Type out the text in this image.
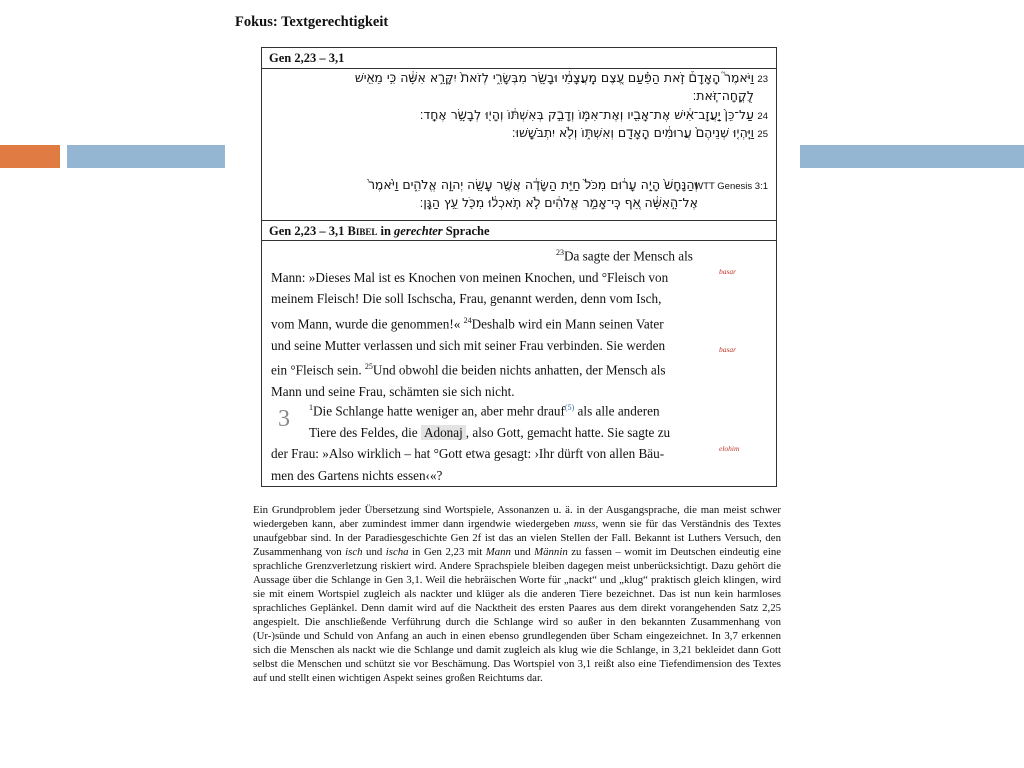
Fokus: Textgerechtigkeit
Gen 2,23 – 3,1
23
וַיֹּאמֶר֮ הָֽאָדָם֒ זֹ֣את הַפַּ֗עַם עֶ֚צֶם מֵֽעֲצָמַ֔י וּבָשָׂ֖ר מִבְּשָׂרִ֑י לְזֹאת֙ יִקָּרֵ֣א אִשָּׁ֔ה כִּ֥י מֵאִ֖ישׁ
לֻֽקֳחָה־זֹּֽאת׃
24
עַל־כֵּן֙ יַֽעֲזָב־אִ֔ישׁ אֶת־אָבִ֖יו וְאֶת־אִמּ֑וֹ וְדָבַ֣ק בְּאִשְׁתּ֔וֹ וְהָי֖וּ לְבָשָׂ֥ר אֶחָֽד׃
25
וַיִּֽהְי֤וּ שְׁנֵיהֶם֙ עֲרוּמִּ֔ים הָֽאָדָ֖ם וְאִשְׁתּ֑וֹ וְלֹ֖א יִתְבֹּשָֽׁשׁוּ׃
WTT Genesis 3:1
וְהַנָּחָשׁ֙ הָיָ֣ה עָר֔וּם מִכֹּל֙ חַיַּ֣ת הַשָּׂדֶ֔ה אֲשֶׁ֥ר עָשָׂ֖ה יְהוָ֣ה אֱלֹהִ֑ים וַיֹּ֙אמֶר֙
אֶל־הָ֣אִשָּׁ֔ה אַ֚ף כִּֽי־אָמַ֣ר אֱלֹהִ֔ים לֹ֣א תֹֽאכְל֔וּ מִכֹּ֖ל עֵ֥ץ הַגָּֽן׃
Gen 2,23 – 3,1 Bibel in gerechter Sprache
$^{23}$Da sagte der Mensch als
Mann: »Dieses Mal ist es Knochen von meinen Knochen, und °Fleisch von
meinem Fleisch! Die soll Ischscha, Frau, genannt werden, denn vom Isch,
vom Mann, wurde die genommen!« $^{24}$Deshalb wird ein Mann seinen Vater
und seine Mutter verlassen und sich mit seiner Frau verbinden. Sie werden
ein °Fleisch sein. $^{25}$Und obwohl die beiden nichts anhatten, der Mensch als
Mann und seine Frau, schämten sie sich nicht.
basar
basar
elohim
3	$^1$Die Schlange hatte weniger an, aber mehr drauf$^{(5)}$ als alle anderen
Tiere des Feldes, die Adonaj , also Gott, gemacht hatte. Sie sagte zu
der Frau: »Also wirklich – hat °Gott etwa gesagt: ›Ihr dürft von allen Bäu-
men des Gartens nichts essen‹«?
Ein Grundproblem jeder Übersetzung sind Wortspiele, Assonanzen u. ä. in der Ausgangsprache, die man meist schwer wiedergeben kann, aber zumindest immer dann irgendwie wiedergeben muss, wenn sie für das Verständnis des Textes unaufgebbar sind. In der Paradiesgeschichte Gen 2f ist das an vielen Stellen der Fall. Bekannt ist Luthers Versuch, den Zusammenhang von isch und ischa in Gen 2,23 mit Mann und Männin zu fassen – womit im Deutschen eindeutig eine sprachliche Grenzverletzung riskiert wird. Andere Sprachspiele bleiben dagegen meist unberücksichtigt. Dazu gehört die Aussage über die Schlange in Gen 3,1. Weil die hebräischen Worte für „nackt“ und „klug“ praktisch gleich klingen, wird sie mit einem Wortspiel zugleich als nackter und klüger als die anderen Tiere bezeichnet. Das ist nun kein harmloses sprachliches Geplänkel. Denn damit wird auf die Nacktheit des ersten Paares aus dem direkt vorangehenden Satz 2,25 angespielt. Die anschließende Verführung durch die Schlange wird so außer in den bekannten Zusammenhang von (Ur-)sünde und Schuld von Anfang an auch in einen ebenso grundlegenden über Scham eingezeichnet. In 3,7 erkennen sich die Menschen als nackt wie die Schlange und damit zugleich als klug wie die Schlange, in 3,21 bekleidet dann Gott selbst die Menschen und schützt sie vor Beschämung. Das Wortspiel von 3,1 reißt also eine Tiefendimension des Textes auf und stellt einen wichtigen Aspekt seines großen Reichtums dar.
